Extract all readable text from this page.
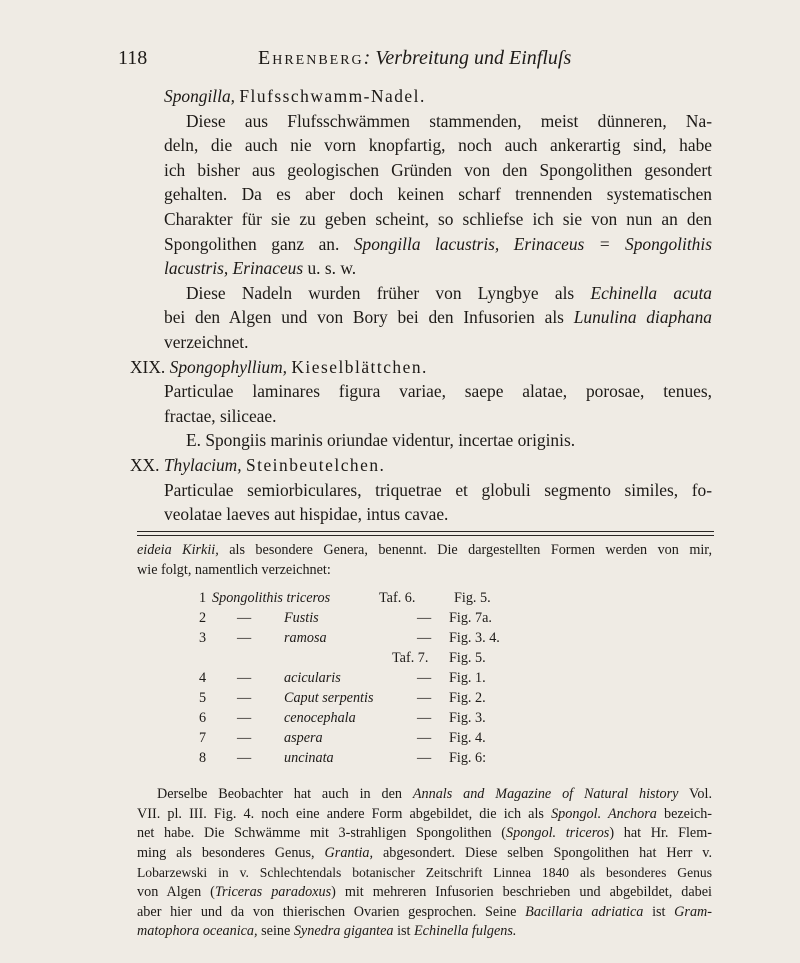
118	Ehrenberg: Verbreitung und Einfluſs
Spongilla, Flufsschwamm-Nadel.
Diese aus Flufsschwämmen stammenden, meist dünneren, Na-
deln, die auch nie vorn knopfartig, noch auch ankerartig sind, habe
ich bisher aus geologischen Gründen von den Spongolithen gesondert
gehalten. Da es aber doch keinen scharf trennenden systematischen
Charakter für sie zu geben scheint, so schliefse ich sie von nun an den
Spongolithen ganz an. Spongilla lacustris, Erinaceus = Spongolithis
lacustris, Erinaceus u. s. w.
Diese Nadeln wurden früher von Lyngbye als Echinella acuta
bei den Algen und von Bory bei den Infusorien als Lunulina diaphana
verzeichnet.
XIX. Spongophyllium, Kieselblättchen.
Particulae laminares figura variae, saepe alatae, porosae, tenues,
fractae, siliceae.
E. Spongiis marinis oriundae videntur, incertae originis.
XX. Thylacium, Steinbeutelchen.
Particulae semiorbiculares, triquetrae et globuli segmento similes, fo-
veolatae laeves aut hispidae, intus cavae.
eideia Kirkii, als besondere Genera, benennt. Die dargestellten Formen werden von mir,
wie folgt, namentlich verzeichnet:
1 Spongolithis triceros	Taf. 6.	Fig. 5.
2	— Fustis	— Fig. 7a.
3	— ramosa	— Fig. 3. 4.
Taf. 7. Fig. 5.
4	— acicularis	— Fig. 1.
5	— Caput serpentis	— Fig. 2.
6	— cenocephala	— Fig. 3.
7	— aspera	— Fig. 4.
8	— uncinata	— Fig. 6:
Derselbe Beobachter hat auch in den Annals and Magazine of Natural history Vol.
VII. pl. III. Fig. 4. noch eine andere Form abgebildet, die ich als Spongol. Anchora bezeich-
net habe. Die Schwämme mit 3-strahligen Spongolithen (Spongol. triceros) hat Hr. Flem-
ming als besonderes Genus, Grantia, abgesondert. Diese selben Spongolithen hat Herr v.
Lobarzewski in v. Schlechtendals botanischer Zeitschrift Linnea 1840 als besonderes Genus
von Algen (Triceras paradoxus) mit mehreren Infusorien beschrieben und abgebildet, dabei
aber hier und da von thierischen Ovarien gesprochen. Seine Bacillaria adriatica ist Gram-
matophora oceanica, seine Synedra gigantea ist Echinella fulgens.
